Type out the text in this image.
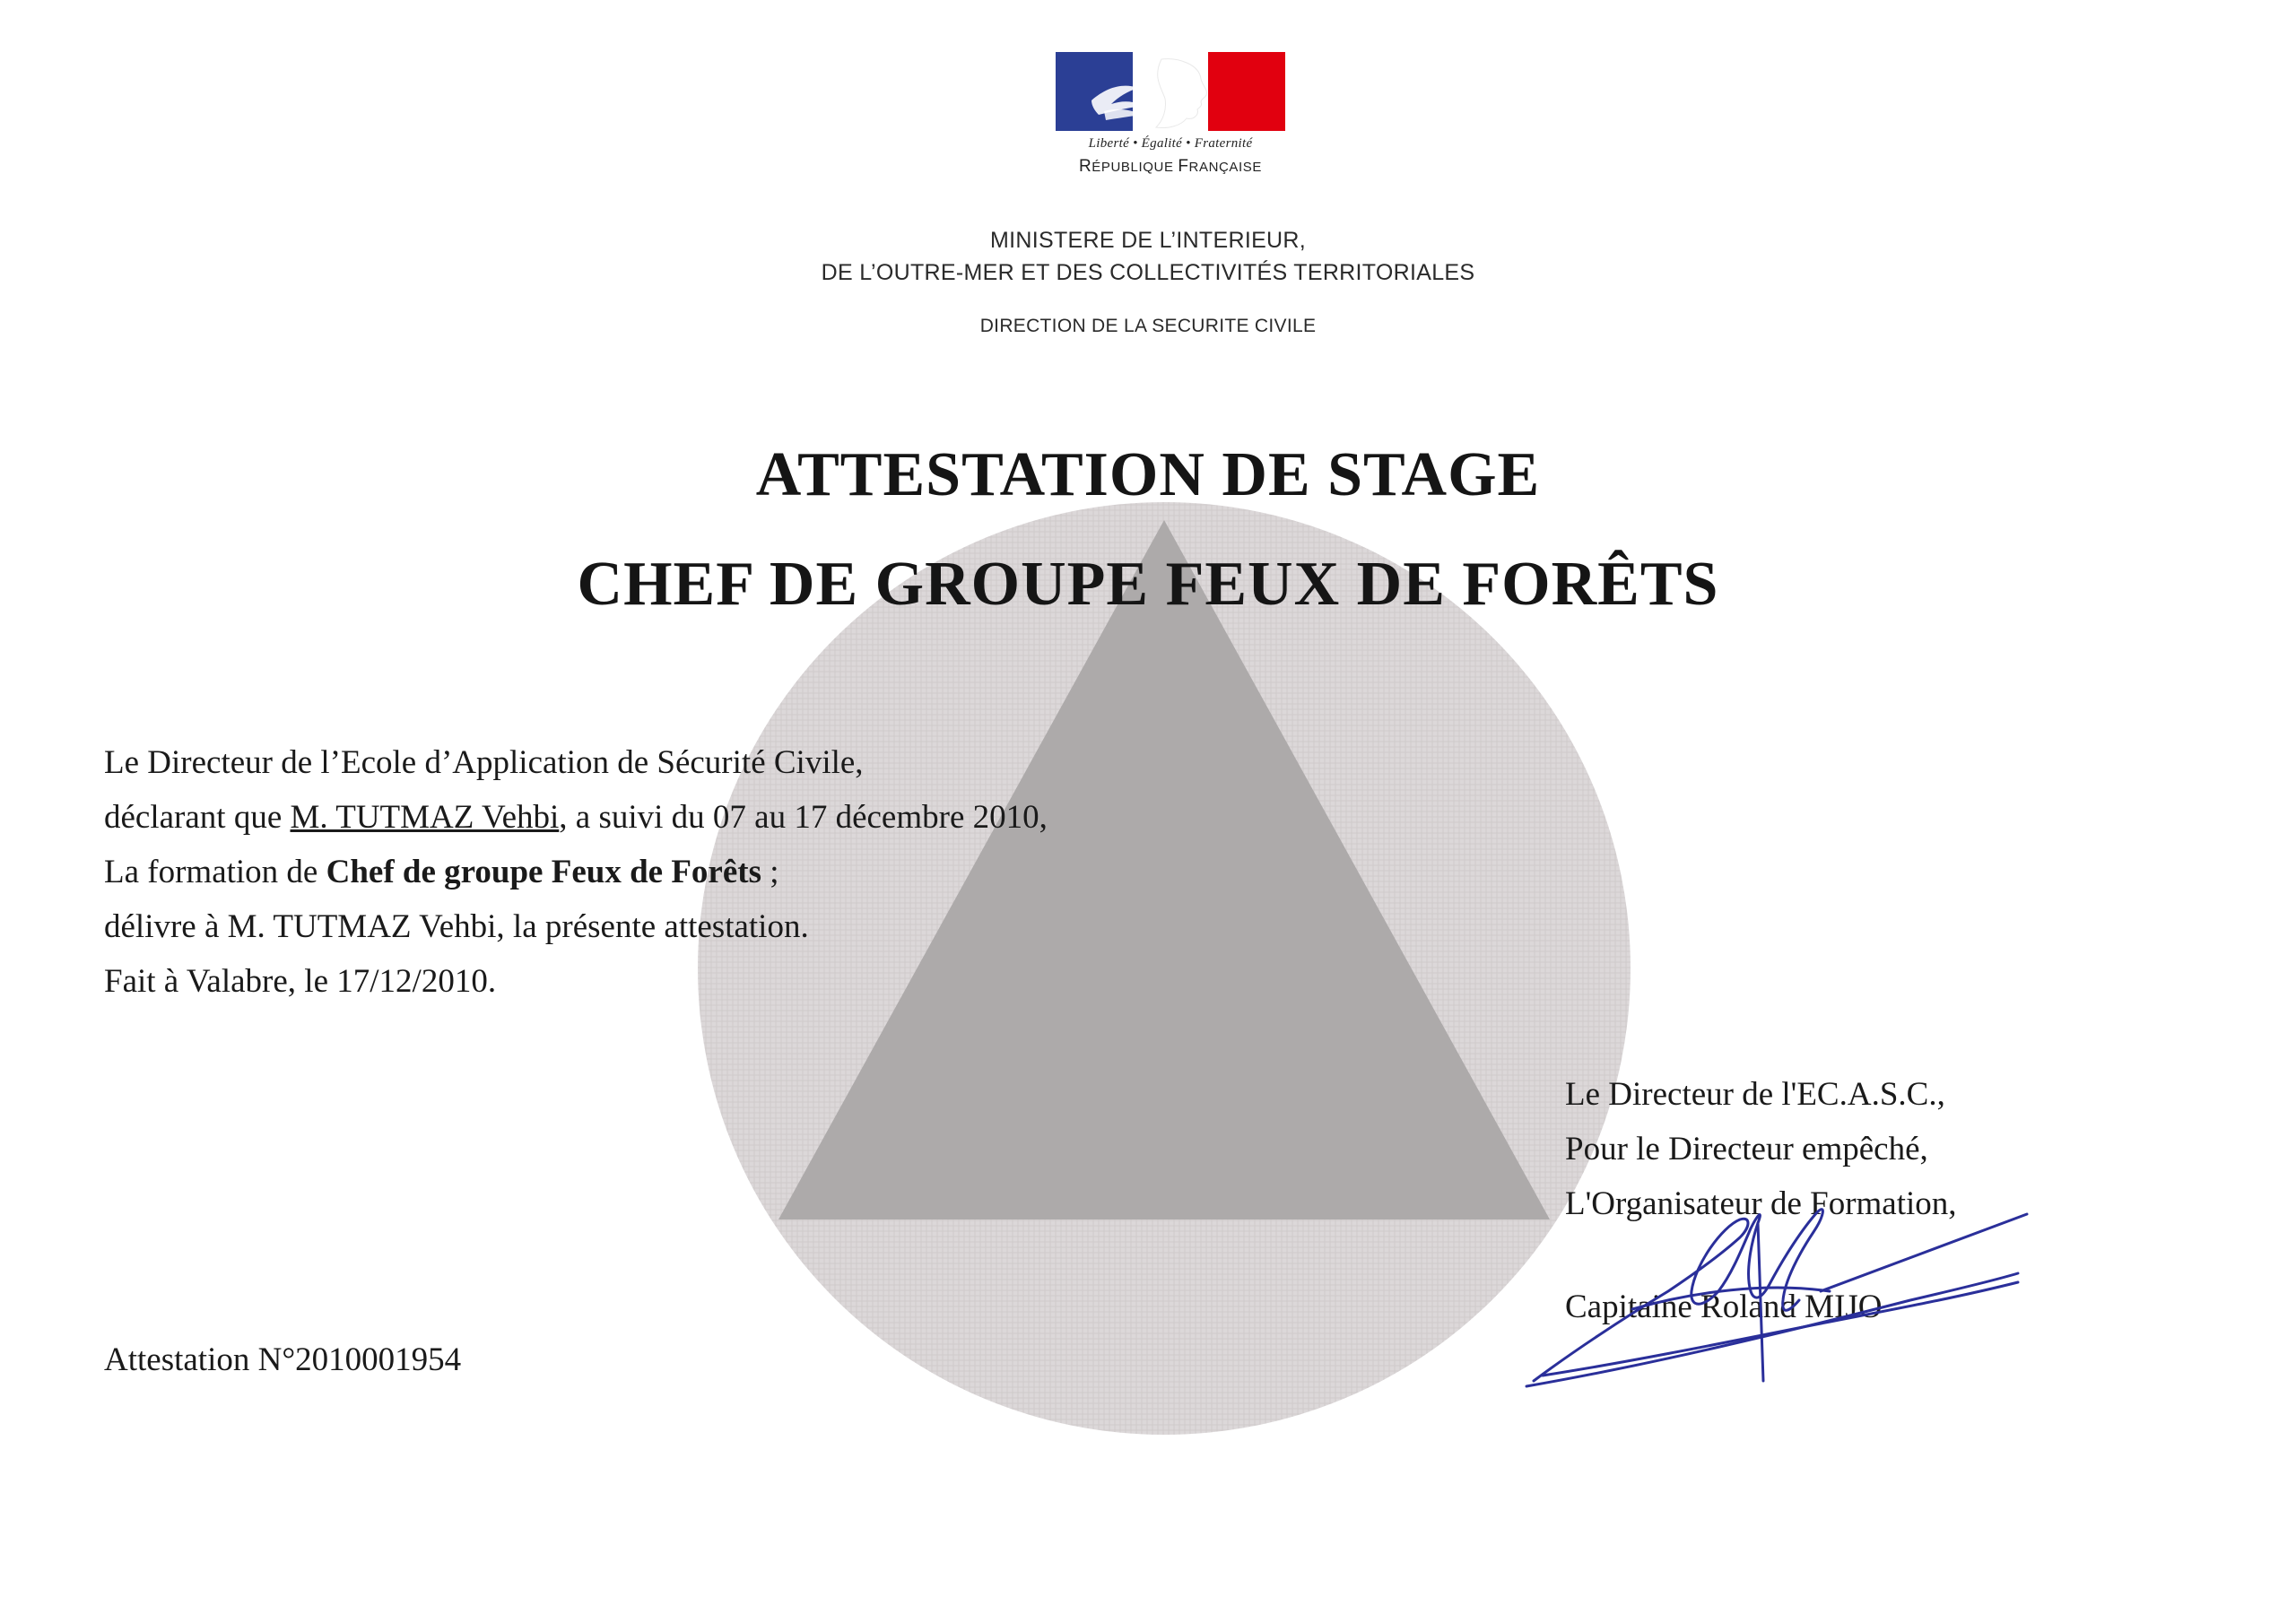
Liberté • Égalité • Fraternité
RÉPUBLIQUE FRANÇAISE
MINISTERE DE L’INTERIEUR,
DE L’OUTRE-MER ET DES COLLECTIVITÉS TERRITORIALES
DIRECTION DE LA SECURITE CIVILE
ATTESTATION DE STAGE
CHEF DE GROUPE FEUX DE FORÊTS
Le Directeur de l’Ecole d’Application de Sécurité Civile,
déclarant que M. TUTMAZ Vehbi, a suivi du 07 au 17 décembre 2010,
La formation de Chef de groupe Feux de Forêts ;
délivre à M. TUTMAZ Vehbi, la présente attestation.
Fait à Valabre, le 17/12/2010.
Le Directeur de l'EC.A.S.C.,
Pour le Directeur empêché,
L'Organisateur de Formation,
Capitaine Roland MIJO
Attestation N°2010001954
